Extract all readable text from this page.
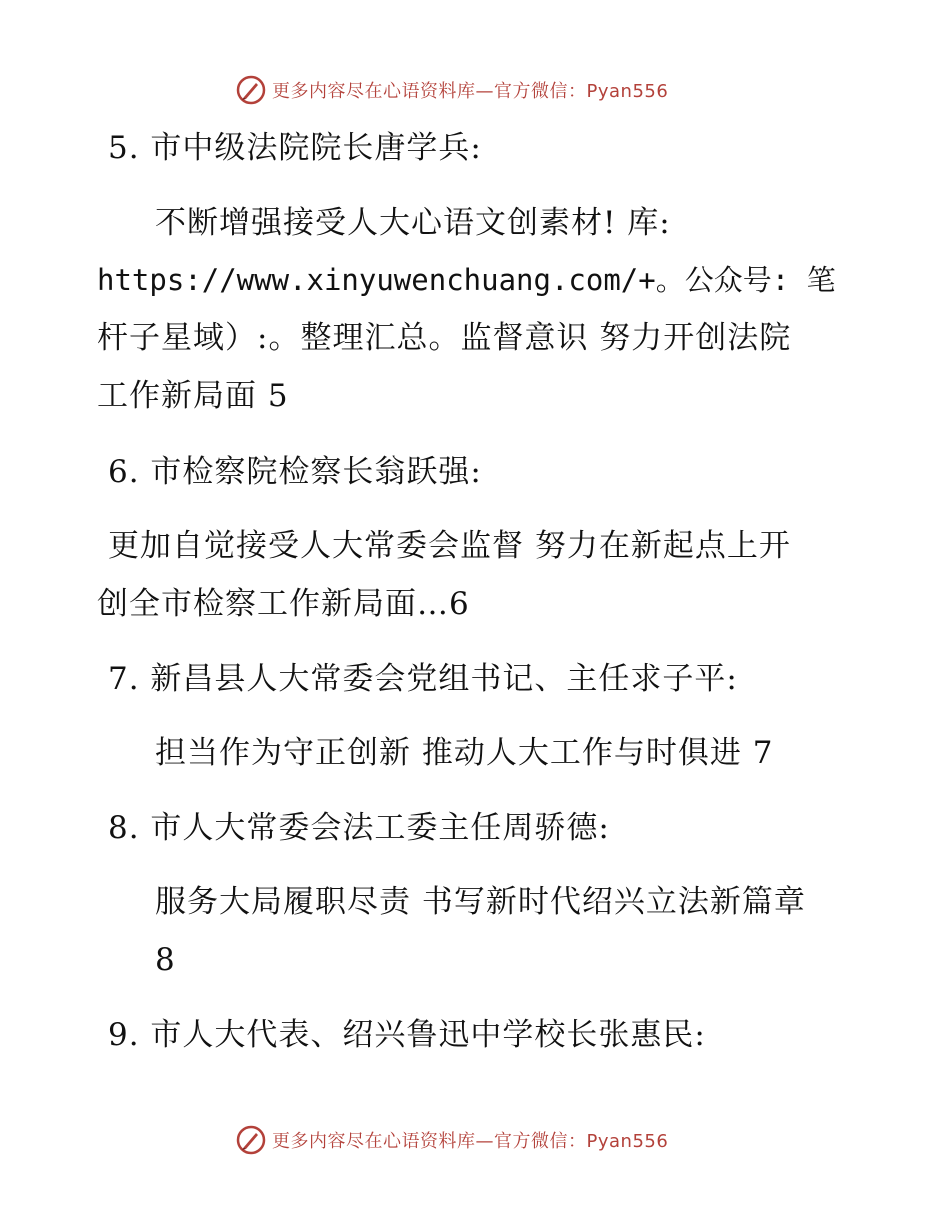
更多内容尽在心语资料库—官方微信：Pyan556
5. 市中级法院院长唐学兵:
不断增强接受人大心语文创素材! 库:
https://www.xinyuwenchuang.com/+。公众号: 笔
杆子星域）:。整理汇总。监督意识 努力开创法院
工作新局面 5
6. 市检察院检察长翁跃强:
更加自觉接受人大常委会监督 努力在新起点上开
创全市检察工作新局面…6
7. 新昌县人大常委会党组书记、主任求子平:
担当作为守正创新 推动人大工作与时俱进 7
8. 市人大常委会法工委主任周骄德:
服务大局履职尽责 书写新时代绍兴立法新篇章
8
9. 市人大代表、绍兴鲁迅中学校长张惠民:
更多内容尽在心语资料库—官方微信：Pyan556
